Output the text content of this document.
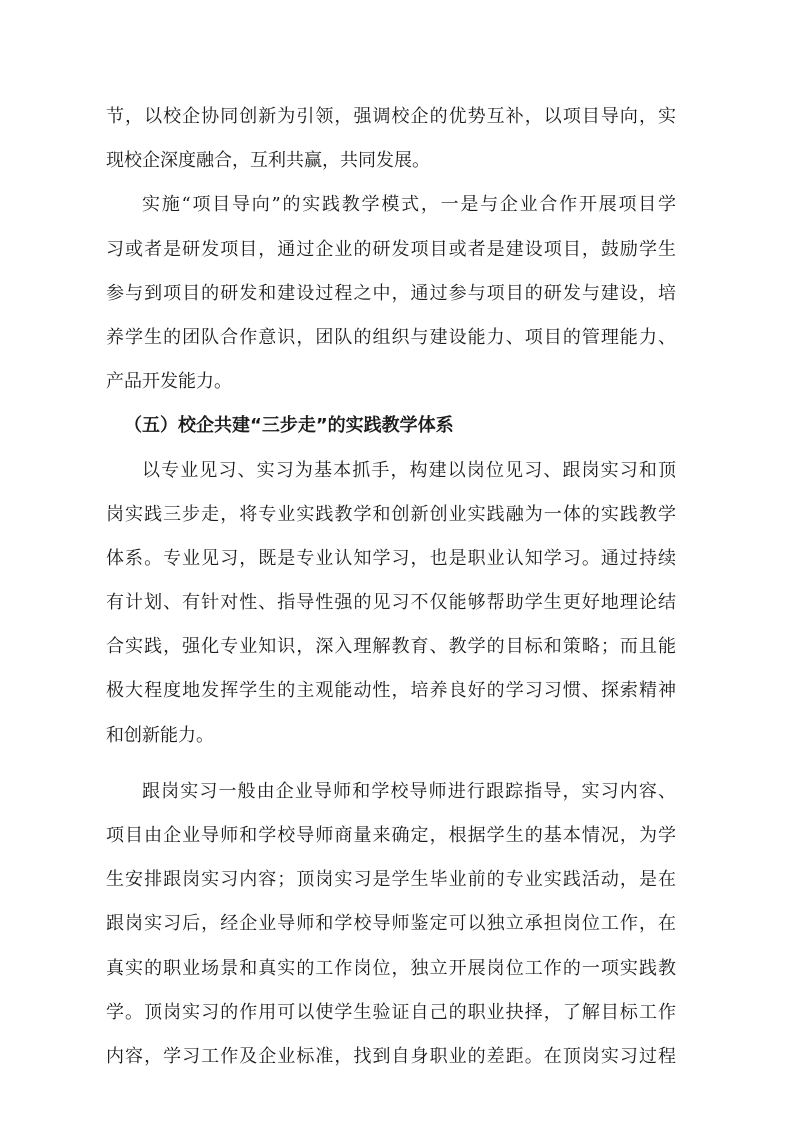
节，以校企协同创新为引领，强调校企的优势互补，以项目导向，实
现校企深度融合，互利共赢，共同发展。
实施“项目导向”的实践教学模式，一是与企业合作开展项目学
习或者是研发项目，通过企业的研发项目或者是建设项目，鼓励学生
参与到项目的研发和建设过程之中，通过参与项目的研发与建设，培
养学生的团队合作意识，团队的组织与建设能力、项目的管理能力、
产品开发能力。
（五）校企共建“三步走”的实践教学体系
以专业见习、实习为基本抓手，构建以岗位见习、跟岗实习和顶
岗实践三步走，将专业实践教学和创新创业实践融为一体的实践教学
体系。专业见习，既是专业认知学习，也是职业认知学习。通过持续
有计划、有针对性、指导性强的见习不仅能够帮助学生更好地理论结
合实践，强化专业知识，深入理解教育、教学的目标和策略；而且能
极大程度地发挥学生的主观能动性，培养良好的学习习惯、探索精神
和创新能力。
跟岗实习一般由企业导师和学校导师进行跟踪指导，实习内容、
项目由企业导师和学校导师商量来确定，根据学生的基本情况，为学
生安排跟岗实习内容；顶岗实习是学生毕业前的专业实践活动，是在
跟岗实习后，经企业导师和学校导师鉴定可以独立承担岗位工作，在
真实的职业场景和真实的工作岗位，独立开展岗位工作的一项实践教
学。顶岗实习的作用可以使学生验证自己的职业抉择，了解目标工作
内容，学习工作及企业标准，找到自身职业的差距。在顶岗实习过程
